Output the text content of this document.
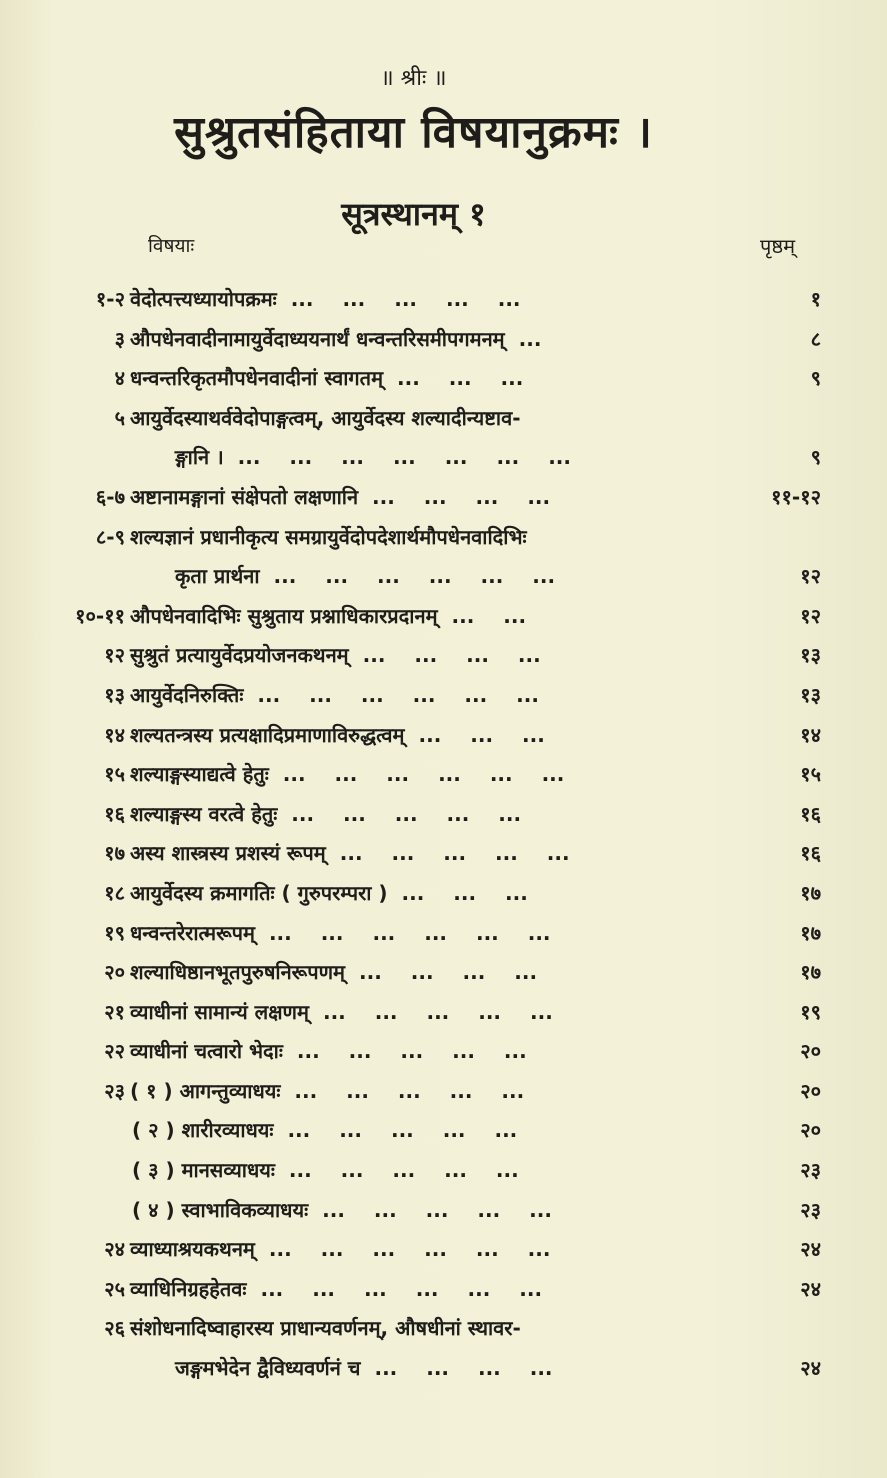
॥ श्रीः ॥
सुश्रुतसंहिताया विषयानुक्रमः ।
सूत्रस्थानम् १
विषयाः	पृष्ठम्
१-२ वेदोत्पत्त्यध्यायोपक्रमः ... ... ... ... ...	१
३ औपधेनवादीनामायुर्वेदाध्ययनार्थं धन्वन्तरिसमीपगमनम् ...	८
४ धन्वन्तरिकृतमौपधेनवादीनां स्वागतम् ... ... ...	९
५ आयुर्वेदस्याथर्ववेदोपाङ्गत्वम्, आयुर्वेदस्य शल्यादीन्यष्टाव-
ङ्गानि । ... ... ... ... ... ... ...	९
६-७ अष्टानामङ्गानां संक्षेपतो लक्षणानि ... ... ... ...	११-१२
८-९ शल्यज्ञानं प्रधानीकृत्य समग्रायुर्वेदोपदेशार्थमौपधेनवादिभिः
कृता प्रार्थना ... ... ... ... ... ...	१२
१०-११ औपधेनवादिभिः सुश्रुताय प्रश्नाधिकारप्रदानम् ... ...	१२
१२ सुश्रुतं प्रत्यायुर्वेदप्रयोजनकथनम् ... ... ... ...	१३
१३ आयुर्वेदनिरुक्तिः ... ... ... ... ... ...	१३
१४ शल्यतन्त्रस्य प्रत्यक्षादिप्रमाणाविरुद्धत्वम् ... ... ...	१४
१५ शल्याङ्गस्याद्यत्वे हेतुः ... ... ... ... ... ...	१५
१६ शल्याङ्गस्य वरत्वे हेतुः ... ... ... ... ...	१६
१७ अस्य शास्त्रस्य प्रशस्यं रूपम् ... ... ... ... ...	१६
१८ आयुर्वेदस्य क्रमागतिः ( गुरुपरम्परा ) ... ... ...	१७
१९ धन्वन्तरेरात्मरूपम् ... ... ... ... ... ...	१७
२० शल्याधिष्ठानभूतपुरुषनिरूपणम् ... ... ... ...	१७
२१ व्याधीनां सामान्यं लक्षणम् ... ... ... ... ...	१९
२२ व्याधीनां चत्वारो भेदाः ... ... ... ... ...	२०
२३ ( १ ) आगन्तुव्याधयः ... ... ... ... ...	२०
( २ ) शारीरव्याधयः ... ... ... ... ...	२०
( ३ ) मानसव्याधयः ... ... ... ... ...	२३
( ४ ) स्वाभाविकव्याधयः ... ... ... ... ...	२३
२४ व्याध्याश्रयकथनम् ... ... ... ... ... ...	२४
२५ व्याधिनिग्रहहेतवः ... ... ... ... ... ...	२४
२६ संशोधनादिष्वाहारस्य प्राधान्यवर्णनम्, औषधीनां स्थावर-
जङ्गमभेदेन द्वैविध्यवर्णनं च ... ... ... ...	२४
